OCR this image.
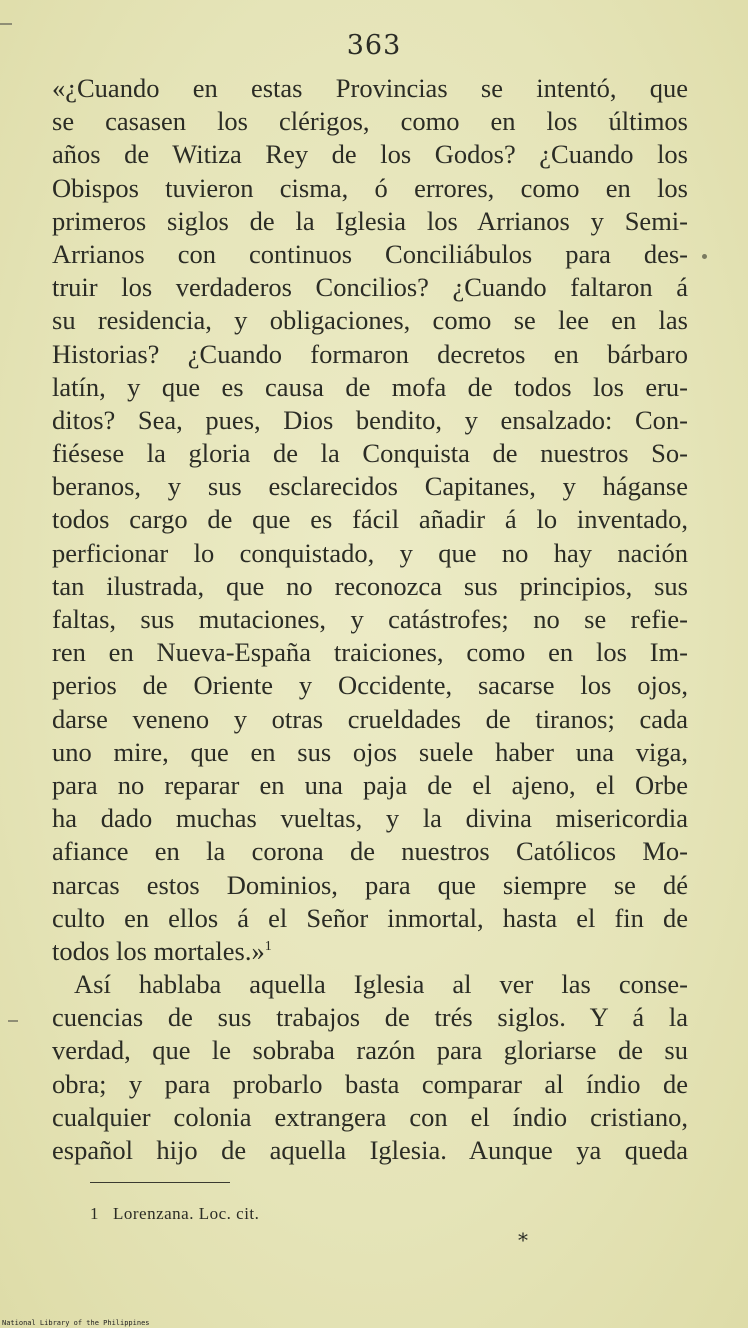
363
«¿Cuando en estas Provincias se intentó, que
se casasen los clérigos, como en los últimos
años de Witiza Rey de los Godos? ¿Cuando los
Obispos tuvieron cisma, ó errores, como en los
primeros siglos de la Iglesia los Arrianos y Semi-
Arrianos con continuos Conciliábulos para des-
truir los verdaderos Concilios? ¿Cuando faltaron á
su residencia, y obligaciones, como se lee en las
Historias? ¿Cuando formaron decretos en bárbaro
latín, y que es causa de mofa de todos los eru-
ditos? Sea, pues, Dios bendito, y ensalzado: Con-
fiésese la gloria de la Conquista de nuestros So-
beranos, y sus esclarecidos Capitanes, y háganse
todos cargo de que es fácil añadir á lo inventado,
perficionar lo conquistado, y que no hay nación
tan ilustrada, que no reconozca sus principios, sus
faltas, sus mutaciones, y catástrofes; no se refie-
ren en Nueva-España traiciones, como en los Im-
perios de Oriente y Occidente, sacarse los ojos,
darse veneno y otras crueldades de tiranos; cada
uno mire, que en sus ojos suele haber una viga,
para no reparar en una paja de el ajeno, el Orbe
ha dado muchas vueltas, y la divina misericordia
afiance en la corona de nuestros Católicos Mo-
narcas estos Dominios, para que siempre se dé
culto en ellos á el Señor inmortal, hasta el fin de
todos los mortales.»$^1$
Así hablaba aquella Iglesia al ver las conse-
cuencias de sus trabajos de trés siglos. Y á la
verdad, que le sobraba razón para gloriarse de su
obra; y para probarlo basta comparar al índio de
cualquier colonia extrangera con el índio cristiano,
español hijo de aquella Iglesia. Aunque ya queda
1 Lorenzana. Loc. cit.
*
National Library of the Philippines
